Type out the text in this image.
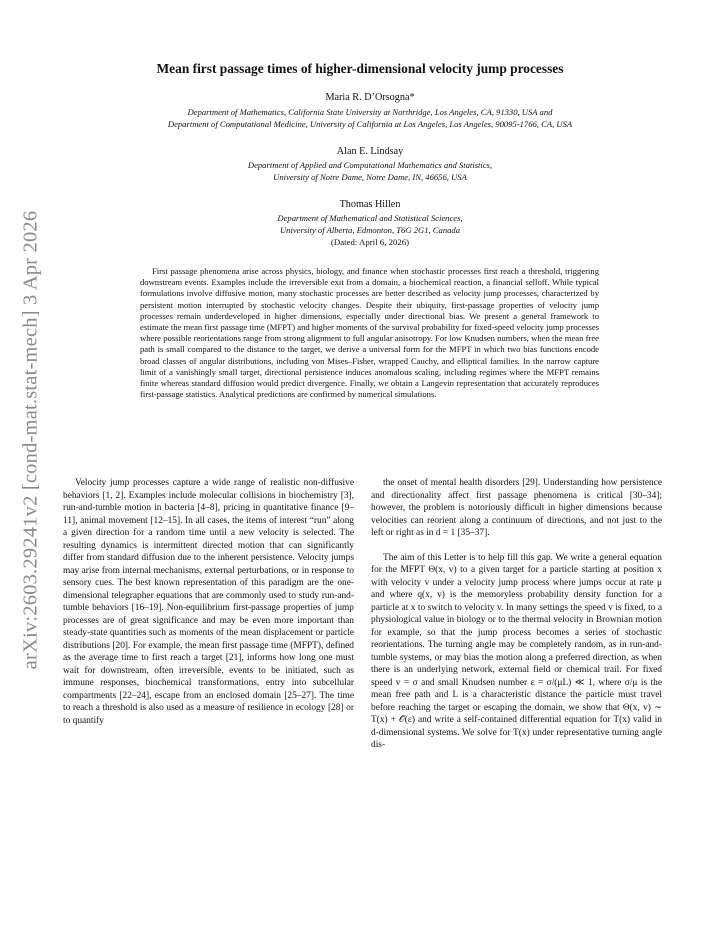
arXiv:2603.29241v2 [cond-mat.stat-mech] 3 Apr 2026
Mean first passage times of higher-dimensional velocity jump processes
Maria R. D’Orsogna*
Department of Mathematics, California State University at Northridge, Los Angeles, CA, 91330, USA and
Department of Computational Medicine, University of California at Los Angeles, Los Angeles, 90095-1766, CA, USA
Alan E. Lindsay
Department of Applied and Computational Mathematics and Statistics,
University of Notre Dame, Notre Dame, IN, 46656, USA
Thomas Hillen
Department of Mathematical and Statistical Sciences,
University of Alberta, Edmonton, T6G 2G1, Canada
(Dated: April 6, 2026)
First passage phenomena arise across physics, biology, and finance when stochastic processes first reach a threshold, triggering downstream events. Examples include the irreversible exit from a domain, a biochemical reaction, a financial selloff. While typical formulations involve diffusive motion, many stochastic processes are better described as velocity jump processes, characterized by persistent motion interrupted by stochastic velocity changes. Despite their ubiquity, first-passage properties of velocity jump processes remain underdeveloped in higher dimensions, especially under directional bias. We present a general framework to estimate the mean first passage time (MFPT) and higher moments of the survival probability for fixed-speed velocity jump processes where possible reorientations range from strong alignment to full angular anisotropy. For low Knudsen numbers, when the mean free path is small compared to the distance to the target, we derive a universal form for the MFPT in which two bias functions encode broad classes of angular distributions, including von Mises–Fisher, wrapped Cauchy, and elliptical families. In the narrow capture limit of a vanishingly small target, directional persistence induces anomalous scaling, including regimes where the MFPT remains finite whereas standard diffusion would predict divergence. Finally, we obtain a Langevin representation that accurately reproduces first-passage statistics. Analytical predictions are confirmed by numerical simulations.

Velocity jump processes capture a wide range of realistic non-diffusive behaviors [1, 2]. Examples include molecular collisions in biochemistry [3], run-and-tumble motion in bacteria [4–8], pricing in quantitative finance [9–11], animal movement [12–15]. In all cases, the items of interest “run” along a given direction for a random time until a new velocity is selected. The resulting dynamics is intermittent directed motion that can significantly differ from standard diffusion due to the inherent persistence. Velocity jumps may arise from internal mechanisms, external perturbations, or in response to sensory cues. The best known representation of this paradigm are the one-dimensional telegrapher equations that are commonly used to study run-and-tumble behaviors [16–19]. Non-equilibrium first-passage properties of jump processes are of great significance and may be even more important than steady-state quantities such as moments of the mean displacement or particle distributions [20]. For example, the mean first passage time (MFPT), defined as the average time to first reach a target [21], informs how long one must wait for downstream, often irreversible, events to be initiated, such as immune responses, biochemical transformations, entry into subcellular compartments [22–24], escape from an enclosed domain [25–27]. The time to reach a threshold is also used as a measure of resilience in ecology [28] or to quantify

the onset of mental health disorders [29]. Understanding how persistence and directionality affect first passage phenomena is critical [30–34]; however, the problem is notoriously difficult in higher dimensions because velocities can reorient along a continuum of directions, and not just to the left or right as in d = 1 [35–37].

The aim of this Letter is to help fill this gap. We write a general equation for the MFPT Θ(x, v) to a given target for a particle starting at position x with velocity v under a velocity jump process where jumps occur at rate μ and where q(x, v) is the memoryless probability density function for a particle at x to switch to velocity v. In many settings the speed v is fixed, to a physiological value in biology or to the thermal velocity in Brownian motion for example, so that the jump process becomes a series of stochastic reorientations. The turning angle may be completely random, as in run-and-tumble systems, or may bias the motion along a preferred direction, as when there is an underlying network, external field or chemical trail. For fixed speed v = σ and small Knudsen number ε = σ/(μL) ≪ 1, where σ/μ is the mean free path and L is a characteristic distance the particle must travel before reaching the target or escaping the domain, we show that Θ(x, v) ∼ T(x) + 𝒪(ε) and write a self-contained differential equation for T(x) valid in d-dimensional systems. We solve for T(x) under representative turning angle dis-
